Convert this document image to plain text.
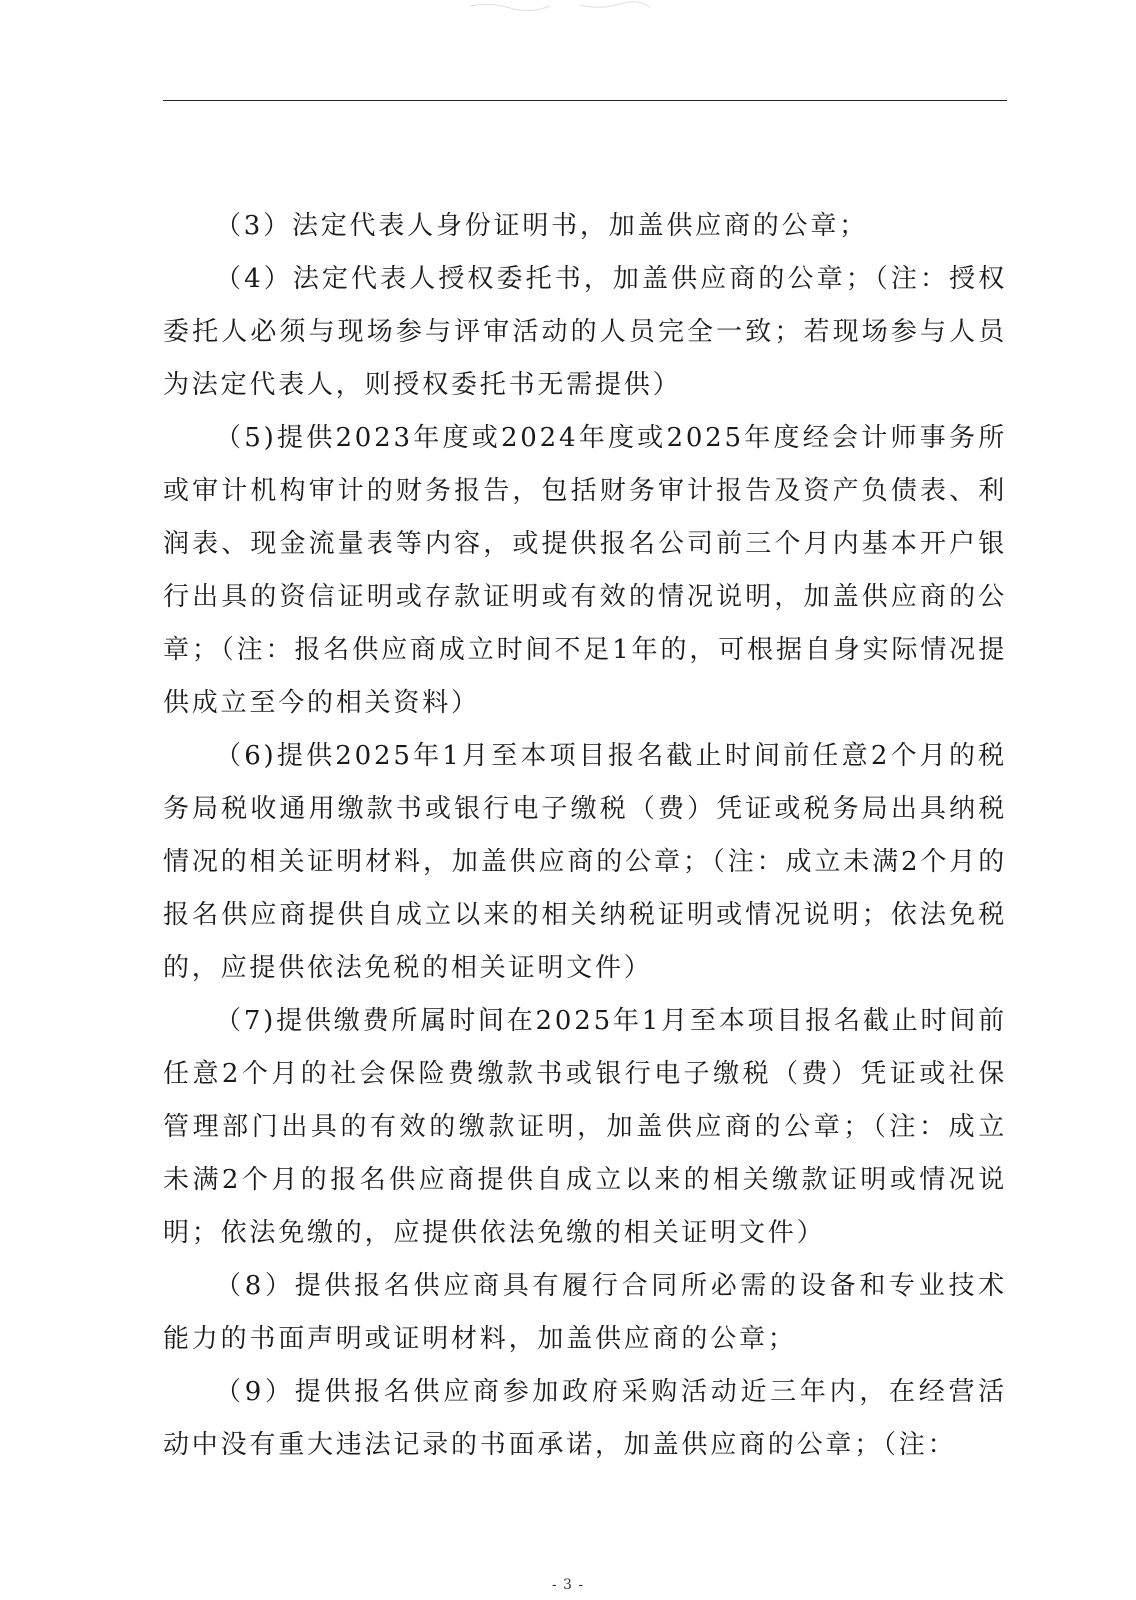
（3）法定代表人身份证明书，加盖供应商的公章；

（4）法定代表人授权委托书，加盖供应商的公章；（注：授权委托人必须与现场参与评审活动的人员完全一致；若现场参与人员为法定代表人，则授权委托书无需提供）

（5)提供2023年度或2024年度或2025年度经会计师事务所或审计机构审计的财务报告，包括财务审计报告及资产负债表、利润表、现金流量表等内容，或提供报名公司前三个月内基本开户银行出具的资信证明或存款证明或有效的情况说明，加盖供应商的公章；（注：报名供应商成立时间不足1年的，可根据自身实际情况提供成立至今的相关资料）

（6)提供2025年1月至本项目报名截止时间前任意2个月的税务局税收通用缴款书或银行电子缴税（费）凭证或税务局出具纳税情况的相关证明材料，加盖供应商的公章；（注：成立未满2个月的报名供应商提供自成立以来的相关纳税证明或情况说明；依法免税的，应提供依法免税的相关证明文件）

（7)提供缴费所属时间在2025年1月至本项目报名截止时间前任意2个月的社会保险费缴款书或银行电子缴税（费）凭证或社保管理部门出具的有效的缴款证明，加盖供应商的公章；（注：成立未满2个月的报名供应商提供自成立以来的相关缴款证明或情况说明；依法免缴的，应提供依法免缴的相关证明文件）

（8）提供报名供应商具有履行合同所必需的设备和专业技术能力的书面声明或证明材料，加盖供应商的公章；

（9）提供报名供应商参加政府采购活动近三年内，在经营活动中没有重大违法记录的书面承诺，加盖供应商的公章；（注：

- 3 -
